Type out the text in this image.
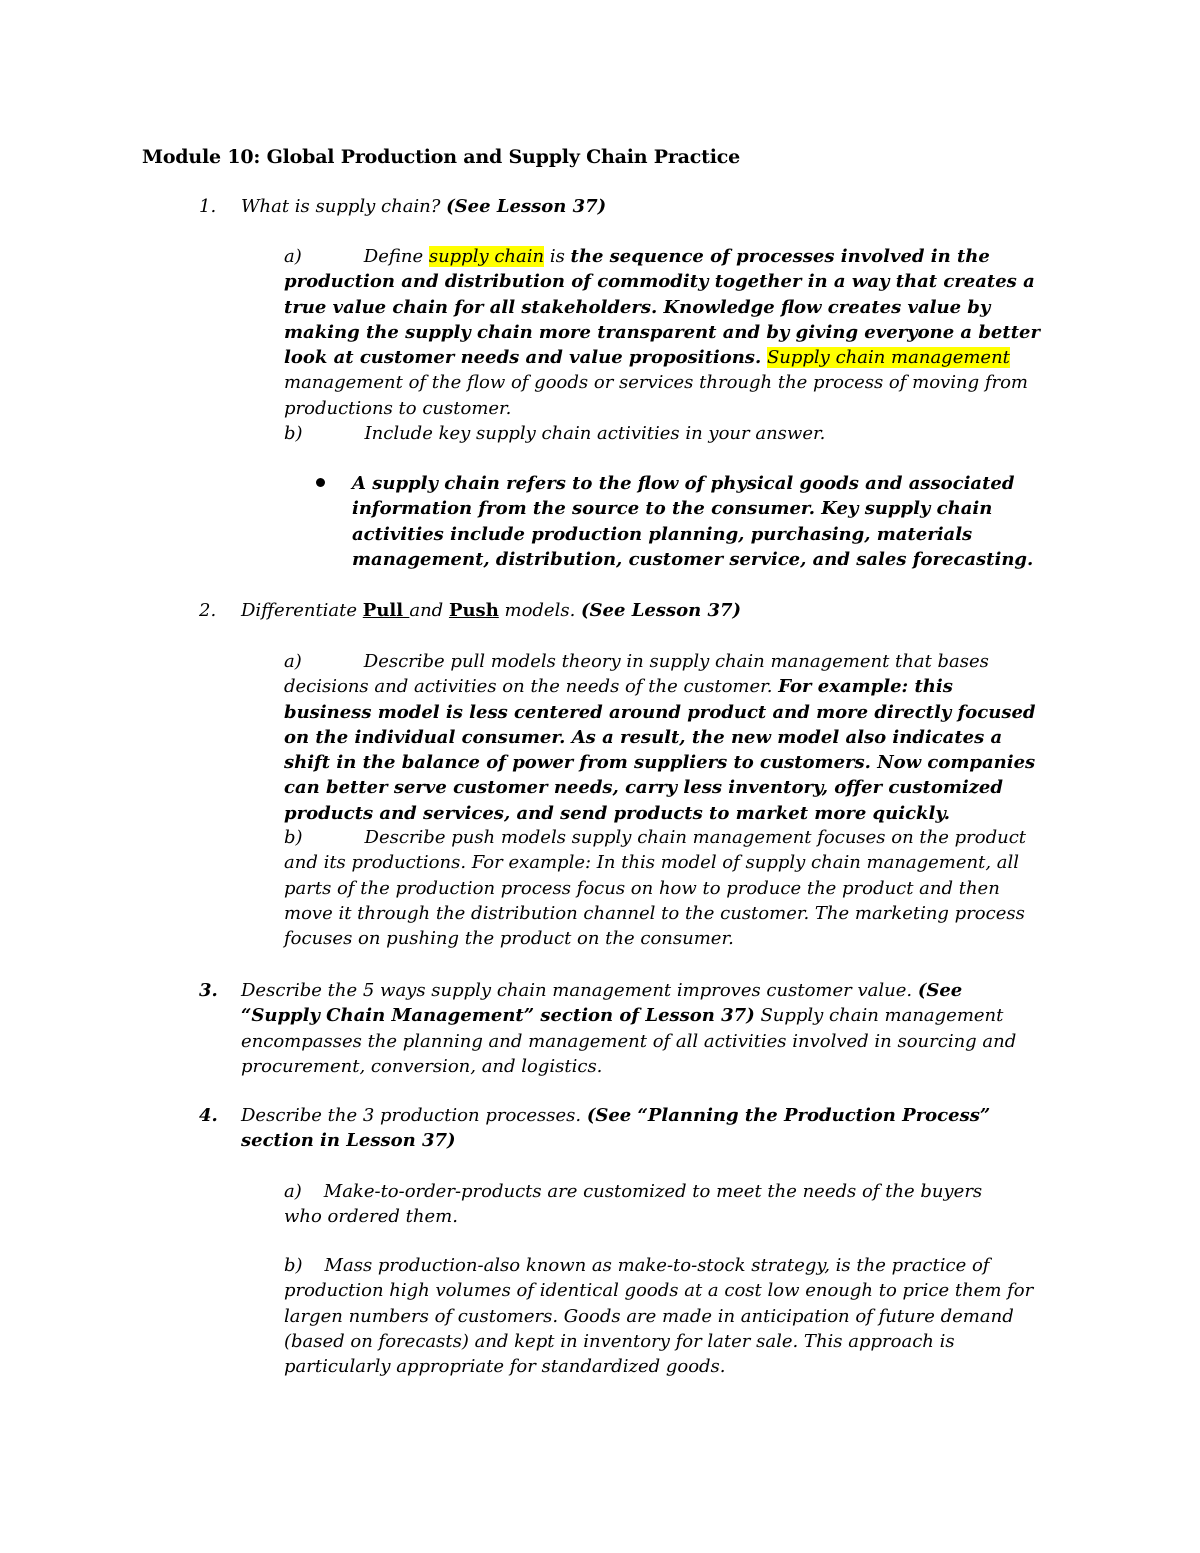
Module 10: Global Production and Supply Chain Practice
1. What is supply chain? (See Lesson 37)
a)	Define supply chain is the sequence of processes involved in the production and distribution of commodity together in a way that creates a true value chain for all stakeholders. Knowledge flow creates value by making the supply chain more transparent and by giving everyone a better look at customer needs and value propositions. Supply chain management management of the flow of goods or services through the process of moving from productions to customer.
b)	Include key supply chain activities in your answer.
A supply chain refers to the flow of physical goods and associated information from the source to the consumer. Key supply chain activities include production planning, purchasing, materials management, distribution, customer service, and sales forecasting.
2. Differentiate Pull and Push models. (See Lesson 37)
a)	Describe pull models theory in supply chain management that bases decisions and activities on the needs of the customer. For example: this business model is less centered around product and more directly focused on the individual consumer. As a result, the new model also indicates a shift in the balance of power from suppliers to customers. Now companies can better serve customer needs, carry less inventory, offer customized products and services, and send products to market more quickly.
b)	Describe push models supply chain management focuses on the product and its productions. For example: In this model of supply chain management, all parts of the production process focus on how to produce the product and then move it through the distribution channel to the customer. The marketing process focuses on pushing the product on the consumer.
3. Describe the 5 ways supply chain management improves customer value. (See “Supply Chain Management” section of Lesson 37) Supply chain management encompasses the planning and management of all activities involved in sourcing and procurement, conversion, and logistics.
4. Describe the 3 production processes. (See “Planning the Production Process” section in Lesson 37)
a) Make-to-order-products are customized to meet the needs of the buyers who ordered them.
b) Mass production-also known as make-to-stock strategy, is the practice of production high volumes of identical goods at a cost low enough to price them for largen numbers of customers. Goods are made in anticipation of future demand (based on forecasts) and kept in inventory for later sale. This approach is particularly appropriate for standardized goods.
